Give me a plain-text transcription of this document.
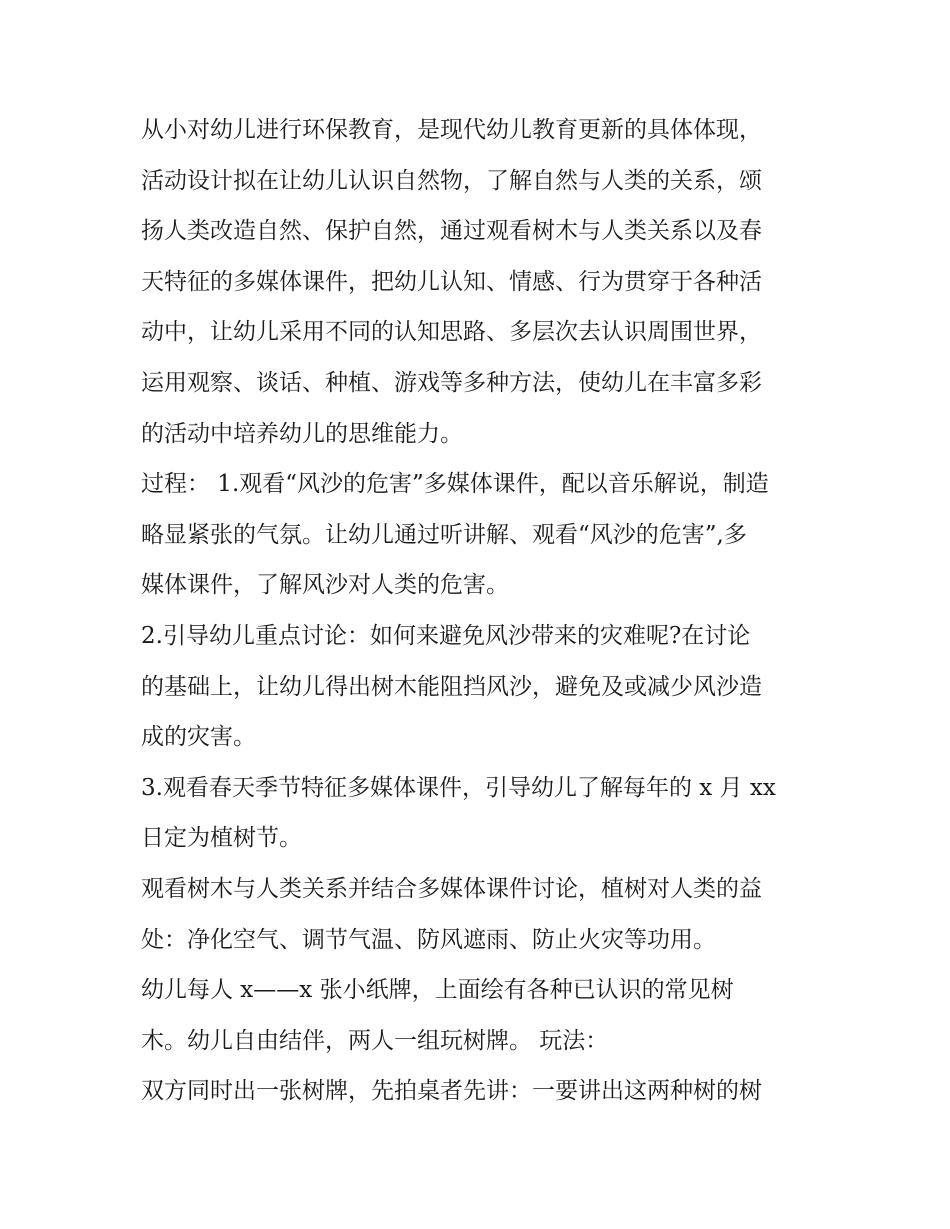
从小对幼儿进行环保教育，是现代幼儿教育更新的具体体现，
活动设计拟在让幼儿认识自然物，了解自然与人类的关系，颂
扬人类改造自然、保护自然，通过观看树木与人类关系以及春
天特征的多媒体课件，把幼儿认知、情感、行为贯穿于各种活
动中，让幼儿采用不同的认知思路、多层次去认识周围世界，
运用观察、谈话、种植、游戏等多种方法，使幼儿在丰富多彩
的活动中培养幼儿的思维能力。
过程： 1.观看“风沙的危害”多媒体课件，配以音乐解说，制造
略显紧张的气氛。让幼儿通过听讲解、观看“风沙的危害”,多
媒体课件，了解风沙对人类的危害。
2.引导幼儿重点讨论：如何来避免风沙带来的灾难呢?在讨论
的基础上，让幼儿得出树木能阻挡风沙，避免及或减少风沙造
成的灾害。
3.观看春天季节特征多媒体课件，引导幼儿了解每年的 x 月 xx
日定为植树节。
观看树木与人类关系并结合多媒体课件讨论，植树对人类的益
处：净化空气、调节气温、防风遮雨、防止火灾等功用。
幼儿每人 x——x 张小纸牌，上面绘有各种已认识的常见树
木。幼儿自由结伴，两人一组玩树牌。 玩法：
双方同时出一张树牌，先拍桌者先讲：一要讲出这两种树的树
